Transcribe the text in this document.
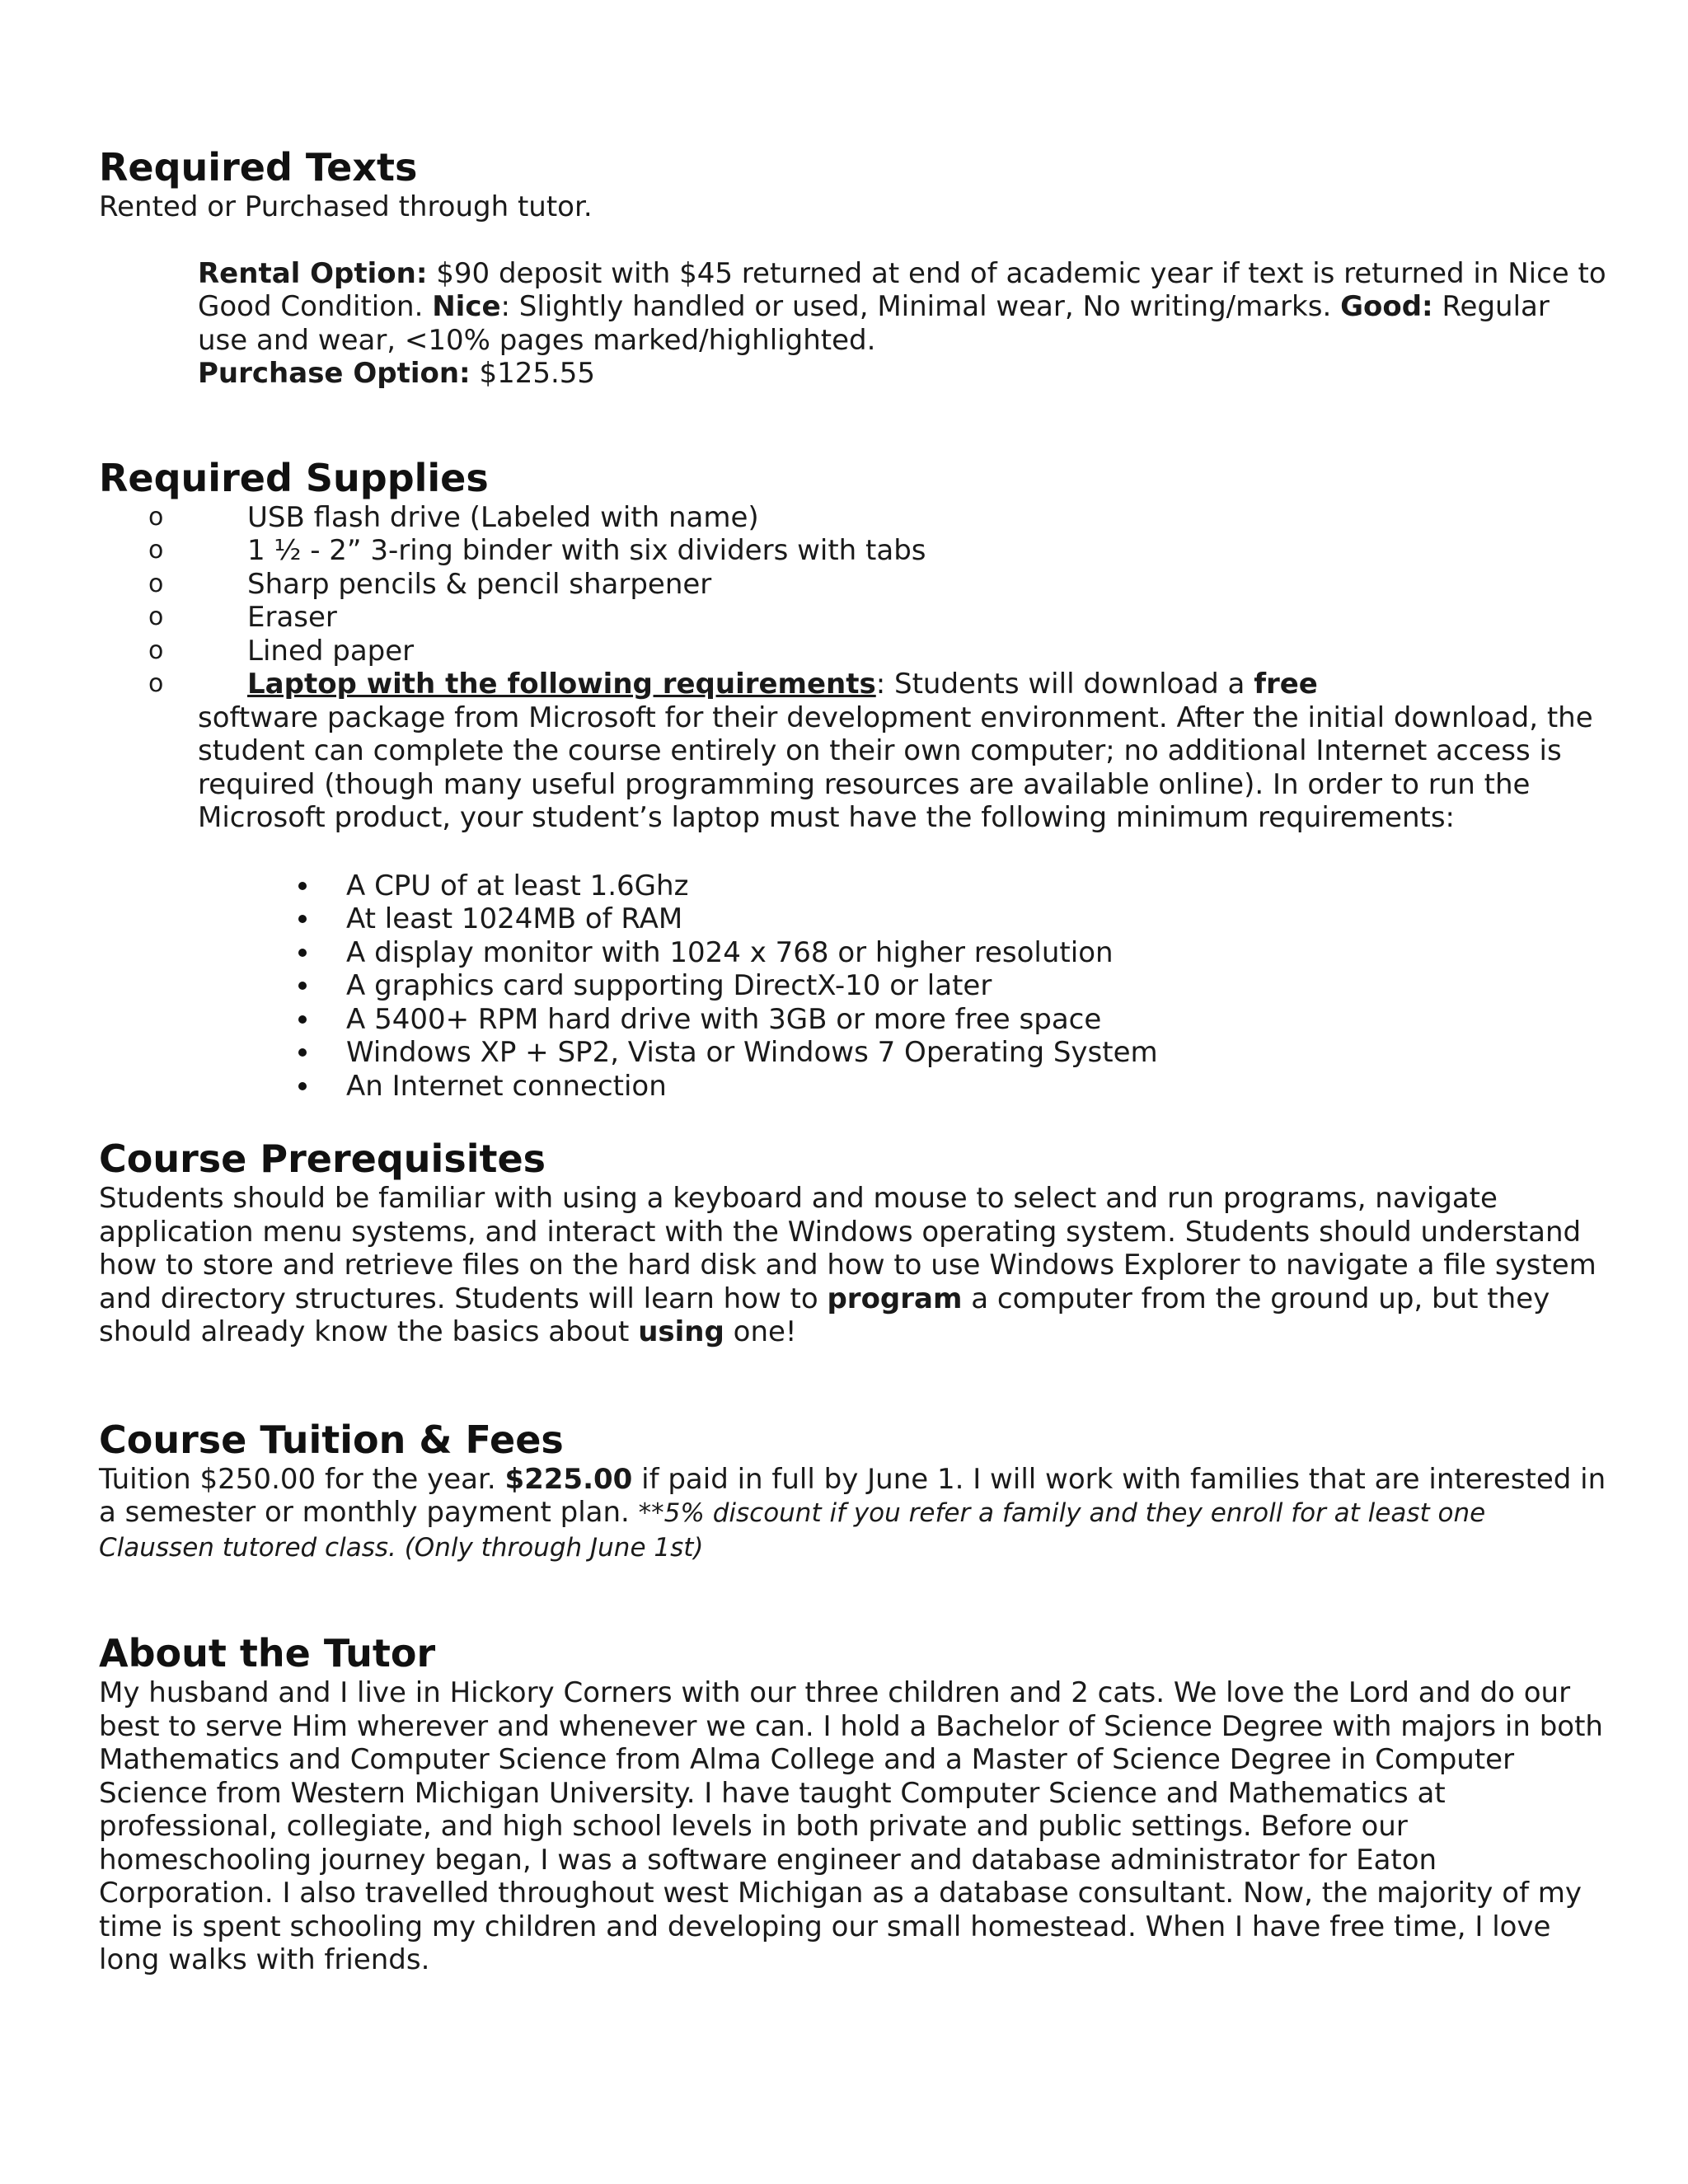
Required Texts

Rented or Purchased through tutor.

Rental Option: $90 deposit with $45 returned at end of academic year if text is returned in Nice to Good Condition. Nice: Slightly handled or used, Minimal wear, No writing/marks. Good: Regular use and wear, <10% pages marked/highlighted.

Purchase Option: $125.55

Required Supplies
o	USB flash drive (Labeled with name)
o	1 ½ - 2” 3-ring binder with six dividers with tabs
o	Sharp pencils & pencil sharpener
o	Eraser
o	Lined paper
o	Laptop with the following requirements: Students will download a free

software package from Microsoft for their development environment. After the initial download, the student can complete the course entirely on their own computer; no additional Internet access is required (though many useful programming resources are available online). In order to run the Microsoft product, your student’s laptop must have the following minimum requirements:

A CPU of at least 1.6Ghz
At least 1024MB of RAM
A display monitor with 1024 x 768 or higher resolution
A graphics card supporting DirectX-10 or later
A 5400+ RPM hard drive with 3GB or more free space
Windows XP + SP2, Vista or Windows 7 Operating System
An Internet connection
Course Prerequisites

Students should be familiar with using a keyboard and mouse to select and run programs, navigate application menu systems, and interact with the Windows operating system. Students should understand how to store and retrieve files on the hard disk and how to use Windows Explorer to navigate a file system and directory structures. Students will learn how to program a computer from the ground up, but they should already know the basics about using one!

Course Tuition & Fees

Tuition $250.00 for the year. $225.00 if paid in full by June 1. I will work with families that are interested in a semester or monthly payment plan. **5% discount if you refer a family and they enroll for at least one Claussen tutored class. (Only through June 1st)

About the Tutor

My husband and I live in Hickory Corners with our three children and 2 cats. We love the Lord and do our best to serve Him wherever and whenever we can. I hold a Bachelor of Science Degree with majors in both Mathematics and Computer Science from Alma College and a Master of Science Degree in Computer Science from Western Michigan University. I have taught Computer Science and Mathematics at professional, collegiate, and high school levels in both private and public settings. Before our homeschooling journey began, I was a software engineer and database administrator for Eaton Corporation. I also travelled throughout west Michigan as a database consultant. Now, the majority of my time is spent schooling my children and developing our small homestead. When I have free time, I love long walks with friends.
